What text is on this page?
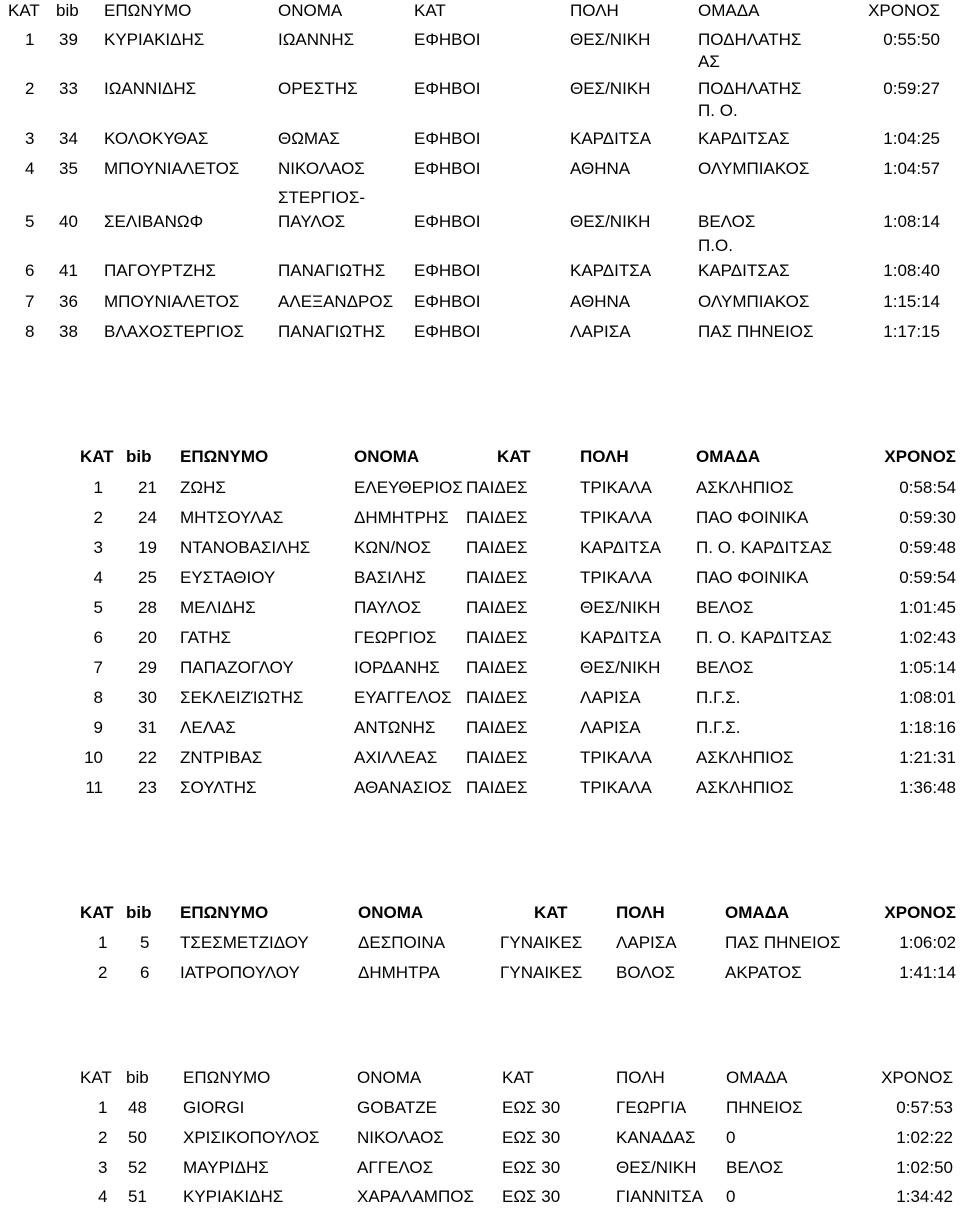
ΚΑΤ bib ΕΠΩΝΥΜΟ	ΟΝΟΜΑ	ΚΑΤ	ΠΟΛΗ	ΟΜΑΔΑ	ΧΡΟΝΟΣ
1 39 ΚΥΡΙΑΚΙΔΗΣ	ΙΩΑΝΝΗΣ	ΕΦΗΒΟΙ	ΘΕΣ/ΝΙΚΗ	ΠΟΔΗΛΑΤΗΣ	0:55:50
ΑΣ
2 33 ΙΩΑΝΝΙΔΗΣ	ΟΡΕΣΤΗΣ	ΕΦΗΒΟΙ	ΘΕΣ/ΝΙΚΗ	ΠΟΔΗΛΑΤΗΣ	0:59:27
Π. Ο.
3 34 ΚΟΛΟΚΥΘΑΣ	ΘΩΜΑΣ	ΕΦΗΒΟΙ	ΚΑΡΔΙΤΣΑ	ΚΑΡΔΙΤΣΑΣ	1:04:25
4 35 ΜΠΟΥΝΙΑΛΕΤΟΣ ΝΙΚΟΛΑΟΣ	ΕΦΗΒΟΙ	ΑΘΗΝΑ	ΟΛΥΜΠΙΑΚΟΣ	1:04:57
ΣΤΕΡΓΙΟΣ-
5 40 ΣΕΛΙΒΑΝΩΦ	ΠΑΥΛΟΣ	ΕΦΗΒΟΙ	ΘΕΣ/ΝΙΚΗ	ΒΕΛΟΣ	1:08:14
Π.Ο.
6 41 ΠΑΓΟΥΡΤΖΗΣ	ΠΑΝΑΓΙΩΤΗΣ ΕΦΗΒΟΙ	ΚΑΡΔΙΤΣΑ	ΚΑΡΔΙΤΣΑΣ	1:08:40
7 36 ΜΠΟΥΝΙΑΛΕΤΟΣ ΑΛΕΞΑΝΔΡΟΣ ΕΦΗΒΟΙ	ΑΘΗΝΑ	ΟΛΥΜΠΙΑΚΟΣ	1:15:14
8 38 ΒΛΑΧΟΣΤΕΡΓΙΟΣ ΠΑΝΑΓΙΩΤΗΣ ΕΦΗΒΟΙ	ΛΑΡΙΣΑ	ΠΑΣ ΠΗΝΕΙΟΣ	1:17:15
ΚΑΤ bib ΕΠΩΝΥΜΟ	ΟΝΟΜΑ	ΚΑΤ	ΠΟΛΗ	ΟΜΑΔΑ	ΧΡΟΝΟΣ
1 21 ΖΩΗΣ	ΕΛΕΥΘΕΡΙΟΣ ΠΑΙΔΕΣ	ΤΡΙΚΑΛΑ	ΑΣΚΛΗΠΙΟΣ	0:58:54
2 24 ΜΗΤΣΟΥΛΑΣ	ΔΗΜΗΤΡΗΣ ΠΑΙΔΕΣ	ΤΡΙΚΑΛΑ	ΠΑΟ ΦΟΙΝΙΚΑ	0:59:30
3 19 ΝΤΑΝΟΒΑΣΙΛΗΣ	ΚΩΝ/ΝΟΣ ΠΑΙΔΕΣ	ΚΑΡΔΙΤΣΑ Π. Ο. ΚΑΡΔΙΤΣΑΣ	0:59:48
4 25 ΕΥΣΤΑΘΙΟΥ	ΒΑΣΙΛΗΣ ΠΑΙΔΕΣ	ΤΡΙΚΑΛΑ	ΠΑΟ ΦΟΙΝΙΚΑ	0:59:54
5 28 ΜΕΛΙΔΗΣ	ΠΑΥΛΟΣ	ΠΑΙΔΕΣ	ΘΕΣ/ΝΙΚΗ ΒΕΛΟΣ	1:01:45
6 20 ΓΑΤΗΣ	ΓΕΩΡΓΙΟΣ ΠΑΙΔΕΣ	ΚΑΡΔΙΤΣΑ Π. Ο. ΚΑΡΔΙΤΣΑΣ	1:02:43
7 29 ΠΑΠΑΖΟΓΛΟΥ	ΙΟΡΔΑΝΗΣ ΠΑΙΔΕΣ	ΘΕΣ/ΝΙΚΗ ΒΕΛΟΣ	1:05:14
8 30 ΣΕΚΛΕΙΖΊΩΤΗΣ	ΕΥΑΓΓΕΛΟΣ ΠΑΙΔΕΣ	ΛΑΡΙΣΑ	Π.Γ.Σ.	1:08:01
9 31 ΛΕΛΑΣ	ΑΝΤΩΝΗΣ ΠΑΙΔΕΣ	ΛΑΡΙΣΑ	Π.Γ.Σ.	1:18:16
10 22 ΖΝΤΡΙΒΑΣ	ΑΧΙΛΛΕΑΣ ΠΑΙΔΕΣ	ΤΡΙΚΑΛΑ	ΑΣΚΛΗΠΙΟΣ	1:21:31
11 23 ΣΟΥΛΤΗΣ	ΑΘΑΝΑΣΙΟΣ ΠΑΙΔΕΣ	ΤΡΙΚΑΛΑ	ΑΣΚΛΗΠΙΟΣ	1:36:48
ΚΑΤ bib ΕΠΩΝΥΜΟ	ΟΝΟΜΑ	ΚΑΤ	ΠΟΛΗ	ΟΜΑΔΑ	ΧΡΟΝΟΣ
1 5 ΤΣΕΣΜΕΤΖΙΔΟΥ	ΔΕΣΠΟΙΝΑ	ΓΥΝΑΙΚΕΣ ΛΑΡΙΣΑ	ΠΑΣ ΠΗΝΕΙΟΣ	1:06:02
2 6 ΙΑΤΡΟΠΟΥΛΟΥ	ΔΗΜΗΤΡΑ	ΓΥΝΑΙΚΕΣ ΒΟΛΟΣ	ΑΚΡΑΤΟΣ	1:41:14
ΚΑΤ bib ΕΠΩΝΥΜΟ	ΟΝΟΜΑ	ΚΑΤ	ΠΟΛΗ	ΟΜΑΔΑ	ΧΡΟΝΟΣ
1 48 GIORGI	GOBATZE	ΕΩΣ 30	ΓΕΩΡΓΙΑ ΠΗΝΕΙΟΣ	0:57:53
2 50 ΧΡΙΣΙΚΟΠΟΥΛΟΣ ΝΙΚΟΛΑΟΣ	ΕΩΣ 30	ΚΑΝΑΔΑΣ 0	1:02:22
3 52 ΜΑΥΡΙΔΗΣ	ΑΓΓΕΛΟΣ	ΕΩΣ 30	ΘΕΣ/ΝΙΚΗ ΒΕΛΟΣ	1:02:50
4 51 ΚΥΡΙΑΚΙΔΗΣ	ΧΑΡΑΛΑΜΠΟΣ ΕΩΣ 30	ΓΙΑΝΝΙΤΣΑ 0	1:34:42
